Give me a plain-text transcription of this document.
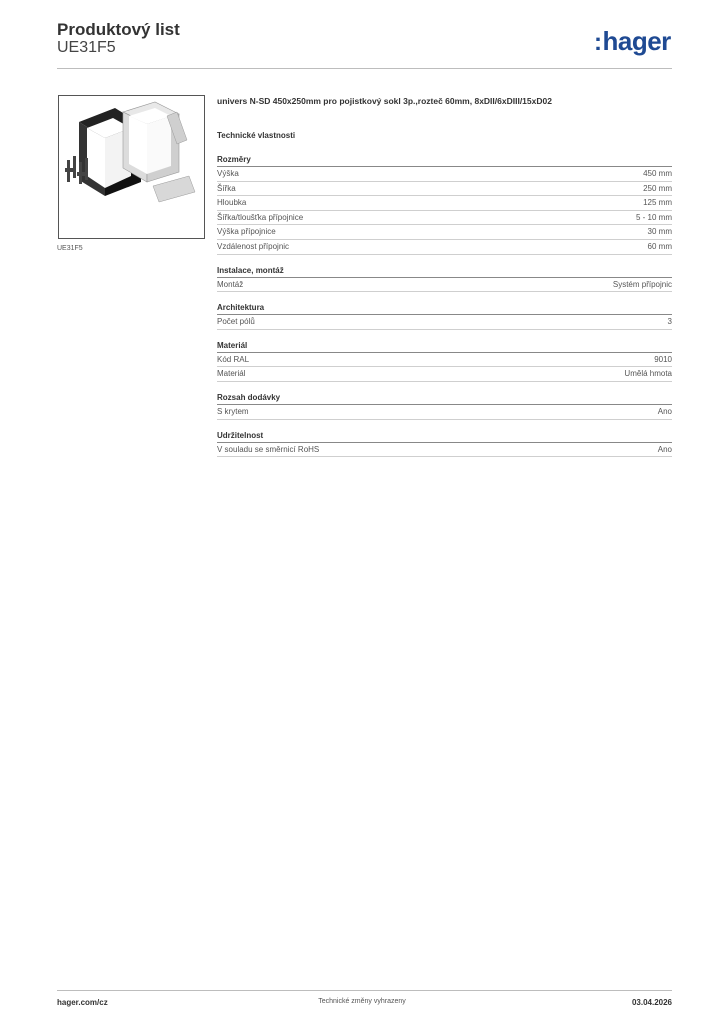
Produktový list
UE31F5	:hager
UE31F5
univers N-SD 450x250mm pro pojistkový sokl 3p.,rozteč 60mm, 8xDII/6xDIII/15xD02
Technické vlastnosti
Rozměry
Výška	450 mm
Šířka	250 mm
Hloubka	125 mm
Šířka/tloušťka přípojnice	5 - 10 mm
Výška přípojnice	30 mm
Vzdálenost přípojnic	60 mm
Instalace, montáž
Montáž	Systém přípojnic
Architektura
Počet pólů	3
Materiál
Kód RAL	9010
Materiál	Umělá hmota
Rozsah dodávky
S krytem	Ano
Udržitelnost
V souladu se směrnicí RoHS	Ano
hager.com/cz	Technické změny vyhrazeny	03.04.2026
